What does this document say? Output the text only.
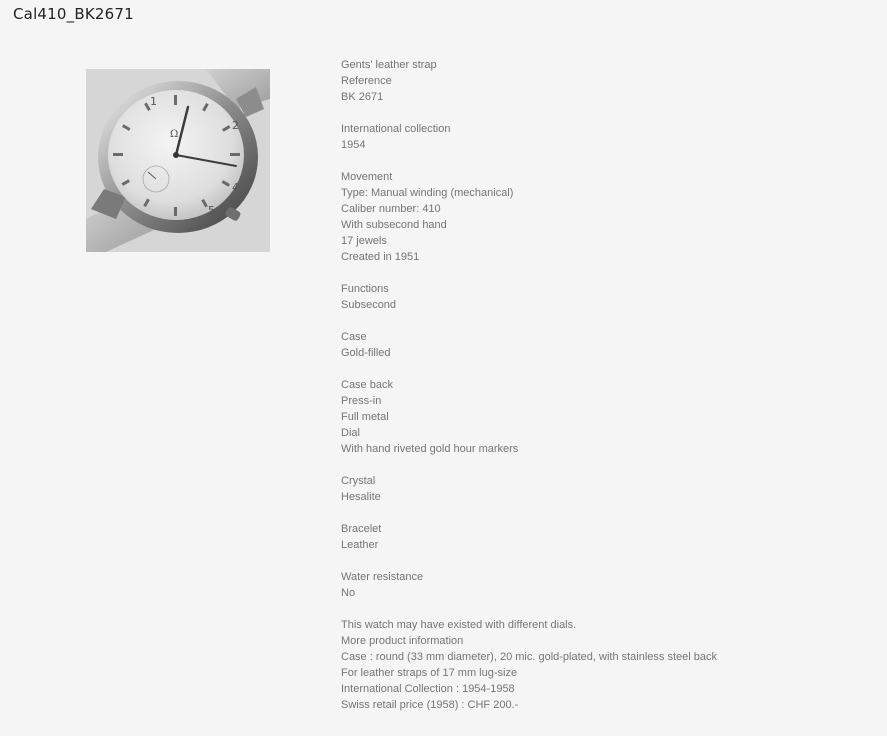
Cal410_BK2671
1
2
4
5
Ω
Gents' leather strap
Reference
BK 2671
International collection
1954
Movement
Type: Manual winding (mechanical)
Caliber number: 410
With subsecond hand
17 jewels
Created in 1951
Functions
Subsecond
Case
Gold-filled
Case back
Press-in
Full metal
Dial
With hand riveted gold hour markers
Crystal
Hesalite
Bracelet
Leather
Water resistance
No
This watch may have existed with different dials.
More product information
Case : round (33 mm diameter), 20 mic. gold-plated, with stainless steel back
For leather straps of 17 mm lug-size
International Collection : 1954-1958
Swiss retail price (1958) : CHF 200.-
